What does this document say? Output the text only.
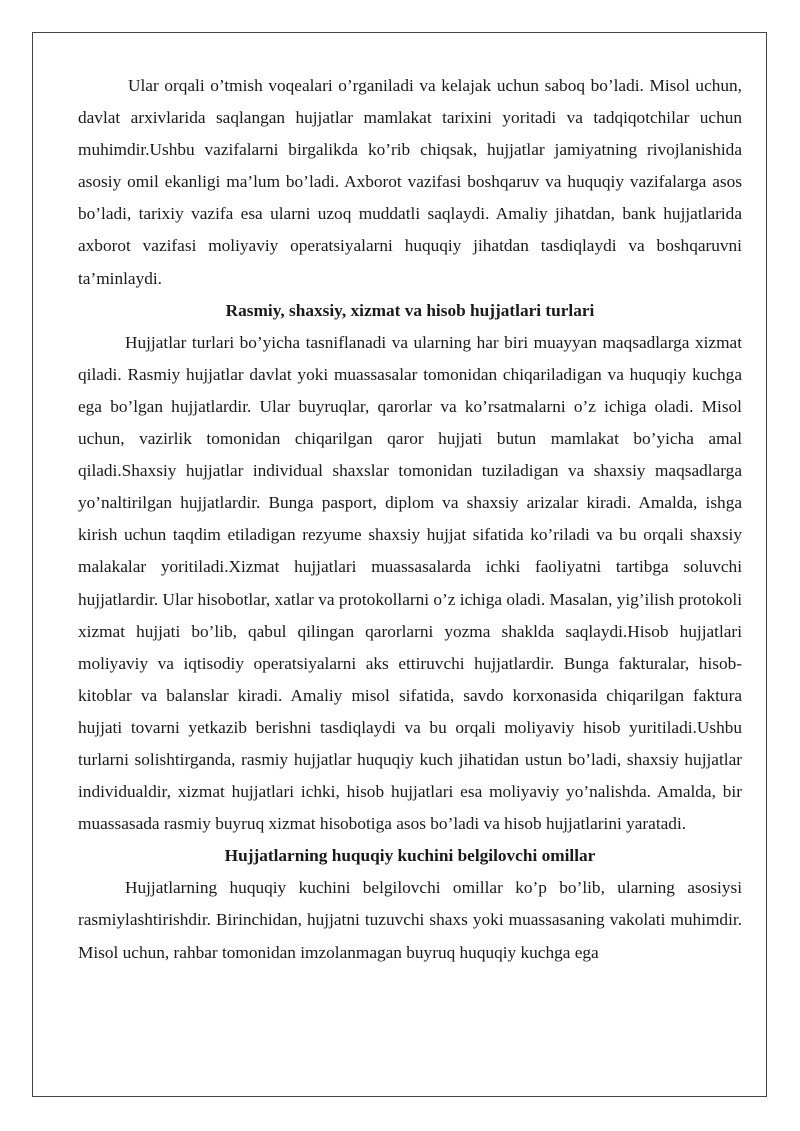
Ular orqali o’tmish voqealari o’rganiladi va kelajak uchun saboq bo’ladi. Misol uchun, davlat arxivlarida saqlangan hujjatlar mamlakat tarixini yoritadi va tadqiqotchilar uchun muhimdir.Ushbu vazifalarni birgalikda ko’rib chiqsak, hujjatlar jamiyatning rivojlanishida asosiy omil ekanligi ma’lum bo’ladi. Axborot vazifasi boshqaruv va huquqiy vazifalarga asos bo’ladi, tarixiy vazifa esa ularni uzoq muddatli saqlaydi. Amaliy jihatdan, bank hujjatlarida axborot vazifasi moliyaviy operatsiyalarni huquqiy jihatdan tasdiqlaydi va boshqaruvni ta’minlaydi.

Rasmiy, shaxsiy, xizmat va hisob hujjatlari turlari

Hujjatlar turlari bo’yicha tasniflanadi va ularning har biri muayyan maqsadlarga xizmat qiladi. Rasmiy hujjatlar davlat yoki muassasalar tomonidan chiqariladigan va huquqiy kuchga ega bo’lgan hujjatlardir. Ular buyruqlar, qarorlar va ko’rsatmalarni o’z ichiga oladi. Misol uchun, vazirlik tomonidan chiqarilgan qaror hujjati butun mamlakat bo’yicha amal qiladi.Shaxsiy hujjatlar individual shaxslar tomonidan tuziladigan va shaxsiy maqsadlarga yo’naltirilgan hujjatlardir. Bunga pasport, diplom va shaxsiy arizalar kiradi. Amalda, ishga kirish uchun taqdim etiladigan rezyume shaxsiy hujjat sifatida ko’riladi va bu orqali shaxsiy malakalar yoritiladi.Xizmat hujjatlari muassasalarda ichki faoliyatni tartibga soluvchi hujjatlardir. Ular hisobotlar, xatlar va protokollarni o’z ichiga oladi. Masalan, yig’ilish protokoli xizmat hujjati bo’lib, qabul qilingan qarorlarni yozma shaklda saqlaydi.Hisob hujjatlari moliyaviy va iqtisodiy operatsiyalarni aks ettiruvchi hujjatlardir. Bunga fakturalar, hisob-kitoblar va balanslar kiradi. Amaliy misol sifatida, savdo korxonasida chiqarilgan faktura hujjati tovarni yetkazib berishni tasdiqlaydi va bu orqali moliyaviy hisob yuritiladi.Ushbu turlarni solishtirganda, rasmiy hujjatlar huquqiy kuch jihatidan ustun bo’ladi, shaxsiy hujjatlar individualdir, xizmat hujjatlari ichki, hisob hujjatlari esa moliyaviy yo’nalishda. Amalda, bir muassasada rasmiy buyruq xizmat hisobotiga asos bo’ladi va hisob hujjatlarini yaratadi.

Hujjatlarning huquqiy kuchini belgilovchi omillar

Hujjatlarning huquqiy kuchini belgilovchi omillar ko’p bo’lib, ularning asosiysi rasmiylashtirishdir. Birinchidan, hujjatni tuzuvchi shaxs yoki muassasaning vakolati muhimdir. Misol uchun, rahbar tomonidan imzolanmagan buyruq huquqiy kuchga ega
